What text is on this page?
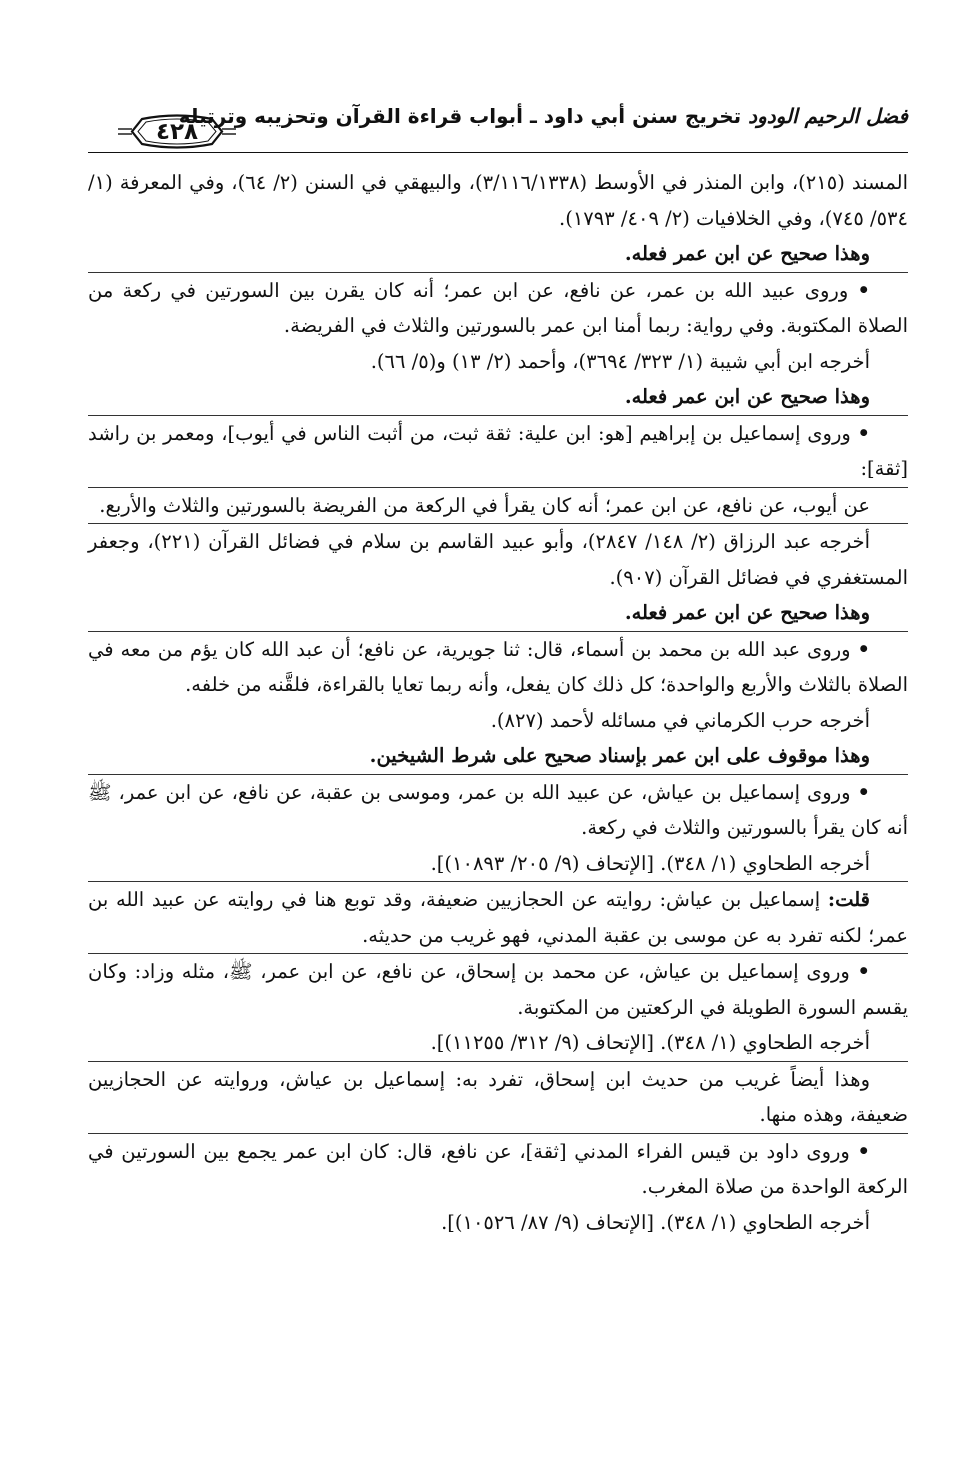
فضل الرحيم الودود تخريج سنن أبي داود ـ أبواب قراءة القرآن وتحزيبه وترتيله
٤٢٨

المسند (٢١٥)، وابن المنذر في الأوسط (٣/١١٦/١٣٣٨)، والبيهقي في السنن (٢/ ٦٤)، وفي المعرفة (١/ ٥٣٤/ ٧٤٥)، وفي الخلافيات (٢/ ٤٠٩/ ١٧٩٣).

وهذا صحيح عن ابن عمر فعله.

• وروى عبيد الله بن عمر، عن نافع، عن ابن عمر؛ أنه كان يقرن بين السورتين في ركعة من الصلاة المكتوبة. وفي رواية: ربما أمنا ابن عمر بالسورتين والثلاث في الفريضة.

أخرجه ابن أبي شيبة (١/ ٣٢٣/ ٣٦٩٤)، وأحمد (٢/ ١٣) و(٥/ ٦٦).

وهذا صحيح عن ابن عمر فعله.

• وروى إسماعيل بن إبراهيم [هو: ابن علية: ثقة ثبت، من أثبت الناس في أيوب]، ومعمر بن راشد [ثقة]:

عن أيوب، عن نافع، عن ابن عمر؛ أنه كان يقرأ في الركعة من الفريضة بالسورتين والثلاث والأربع.

أخرجه عبد الرزاق (٢/ ١٤٨/ ٢٨٤٧)، وأبو عبيد القاسم بن سلام في فضائل القرآن (٢٢١)، وجعفر المستغفري في فضائل القرآن (٩٠٧).

وهذا صحيح عن ابن عمر فعله.

• وروى عبد الله بن محمد بن أسماء، قال: ثنا جويرية، عن نافع؛ أن عبد الله كان يؤم من معه في الصلاة بالثلاث والأربع والواحدة؛ كل ذلك كان يفعل، وأنه ربما تعايا بالقراءة، فلقَّنه من خلفه.

أخرجه حرب الكرماني في مسائله لأحمد (٨٢٧).

وهذا موقوف على ابن عمر بإسناد صحيح على شرط الشيخين.

• وروى إسماعيل بن عياش، عن عبيد الله بن عمر، وموسى بن عقبة، عن نافع، عن ابن عمر، ﷺ أنه كان يقرأ بالسورتين والثلاث في ركعة.

أخرجه الطحاوي (١/ ٣٤٨). [الإتحاف (٩/ ٢٠٥/ ١٠٨٩٣)].

قلت: إسماعيل بن عياش: روايته عن الحجازيين ضعيفة، وقد توبع هنا في روايته عن عبيد الله بن عمر؛ لكنه تفرد به عن موسى بن عقبة المدني، فهو غريب من حديثه.

• وروى إسماعيل بن عياش، عن محمد بن إسحاق، عن نافع، عن ابن عمر، ﷺ، مثله وزاد: وكان يقسم السورة الطويلة في الركعتين من المكتوبة.

أخرجه الطحاوي (١/ ٣٤٨). [الإتحاف (٩/ ٣١٢/ ١١٢٥٥)].

وهذا أيضاً غريب من حديث ابن إسحاق، تفرد به: إسماعيل بن عياش، وروايته عن الحجازيين ضعيفة، وهذه منها.

• وروى داود بن قيس الفراء المدني [ثقة]، عن نافع، قال: كان ابن عمر يجمع بين السورتين في الركعة الواحدة من صلاة المغرب.

أخرجه الطحاوي (١/ ٣٤٨). [الإتحاف (٩/ ٨٧/ ١٠٥٢٦)].
